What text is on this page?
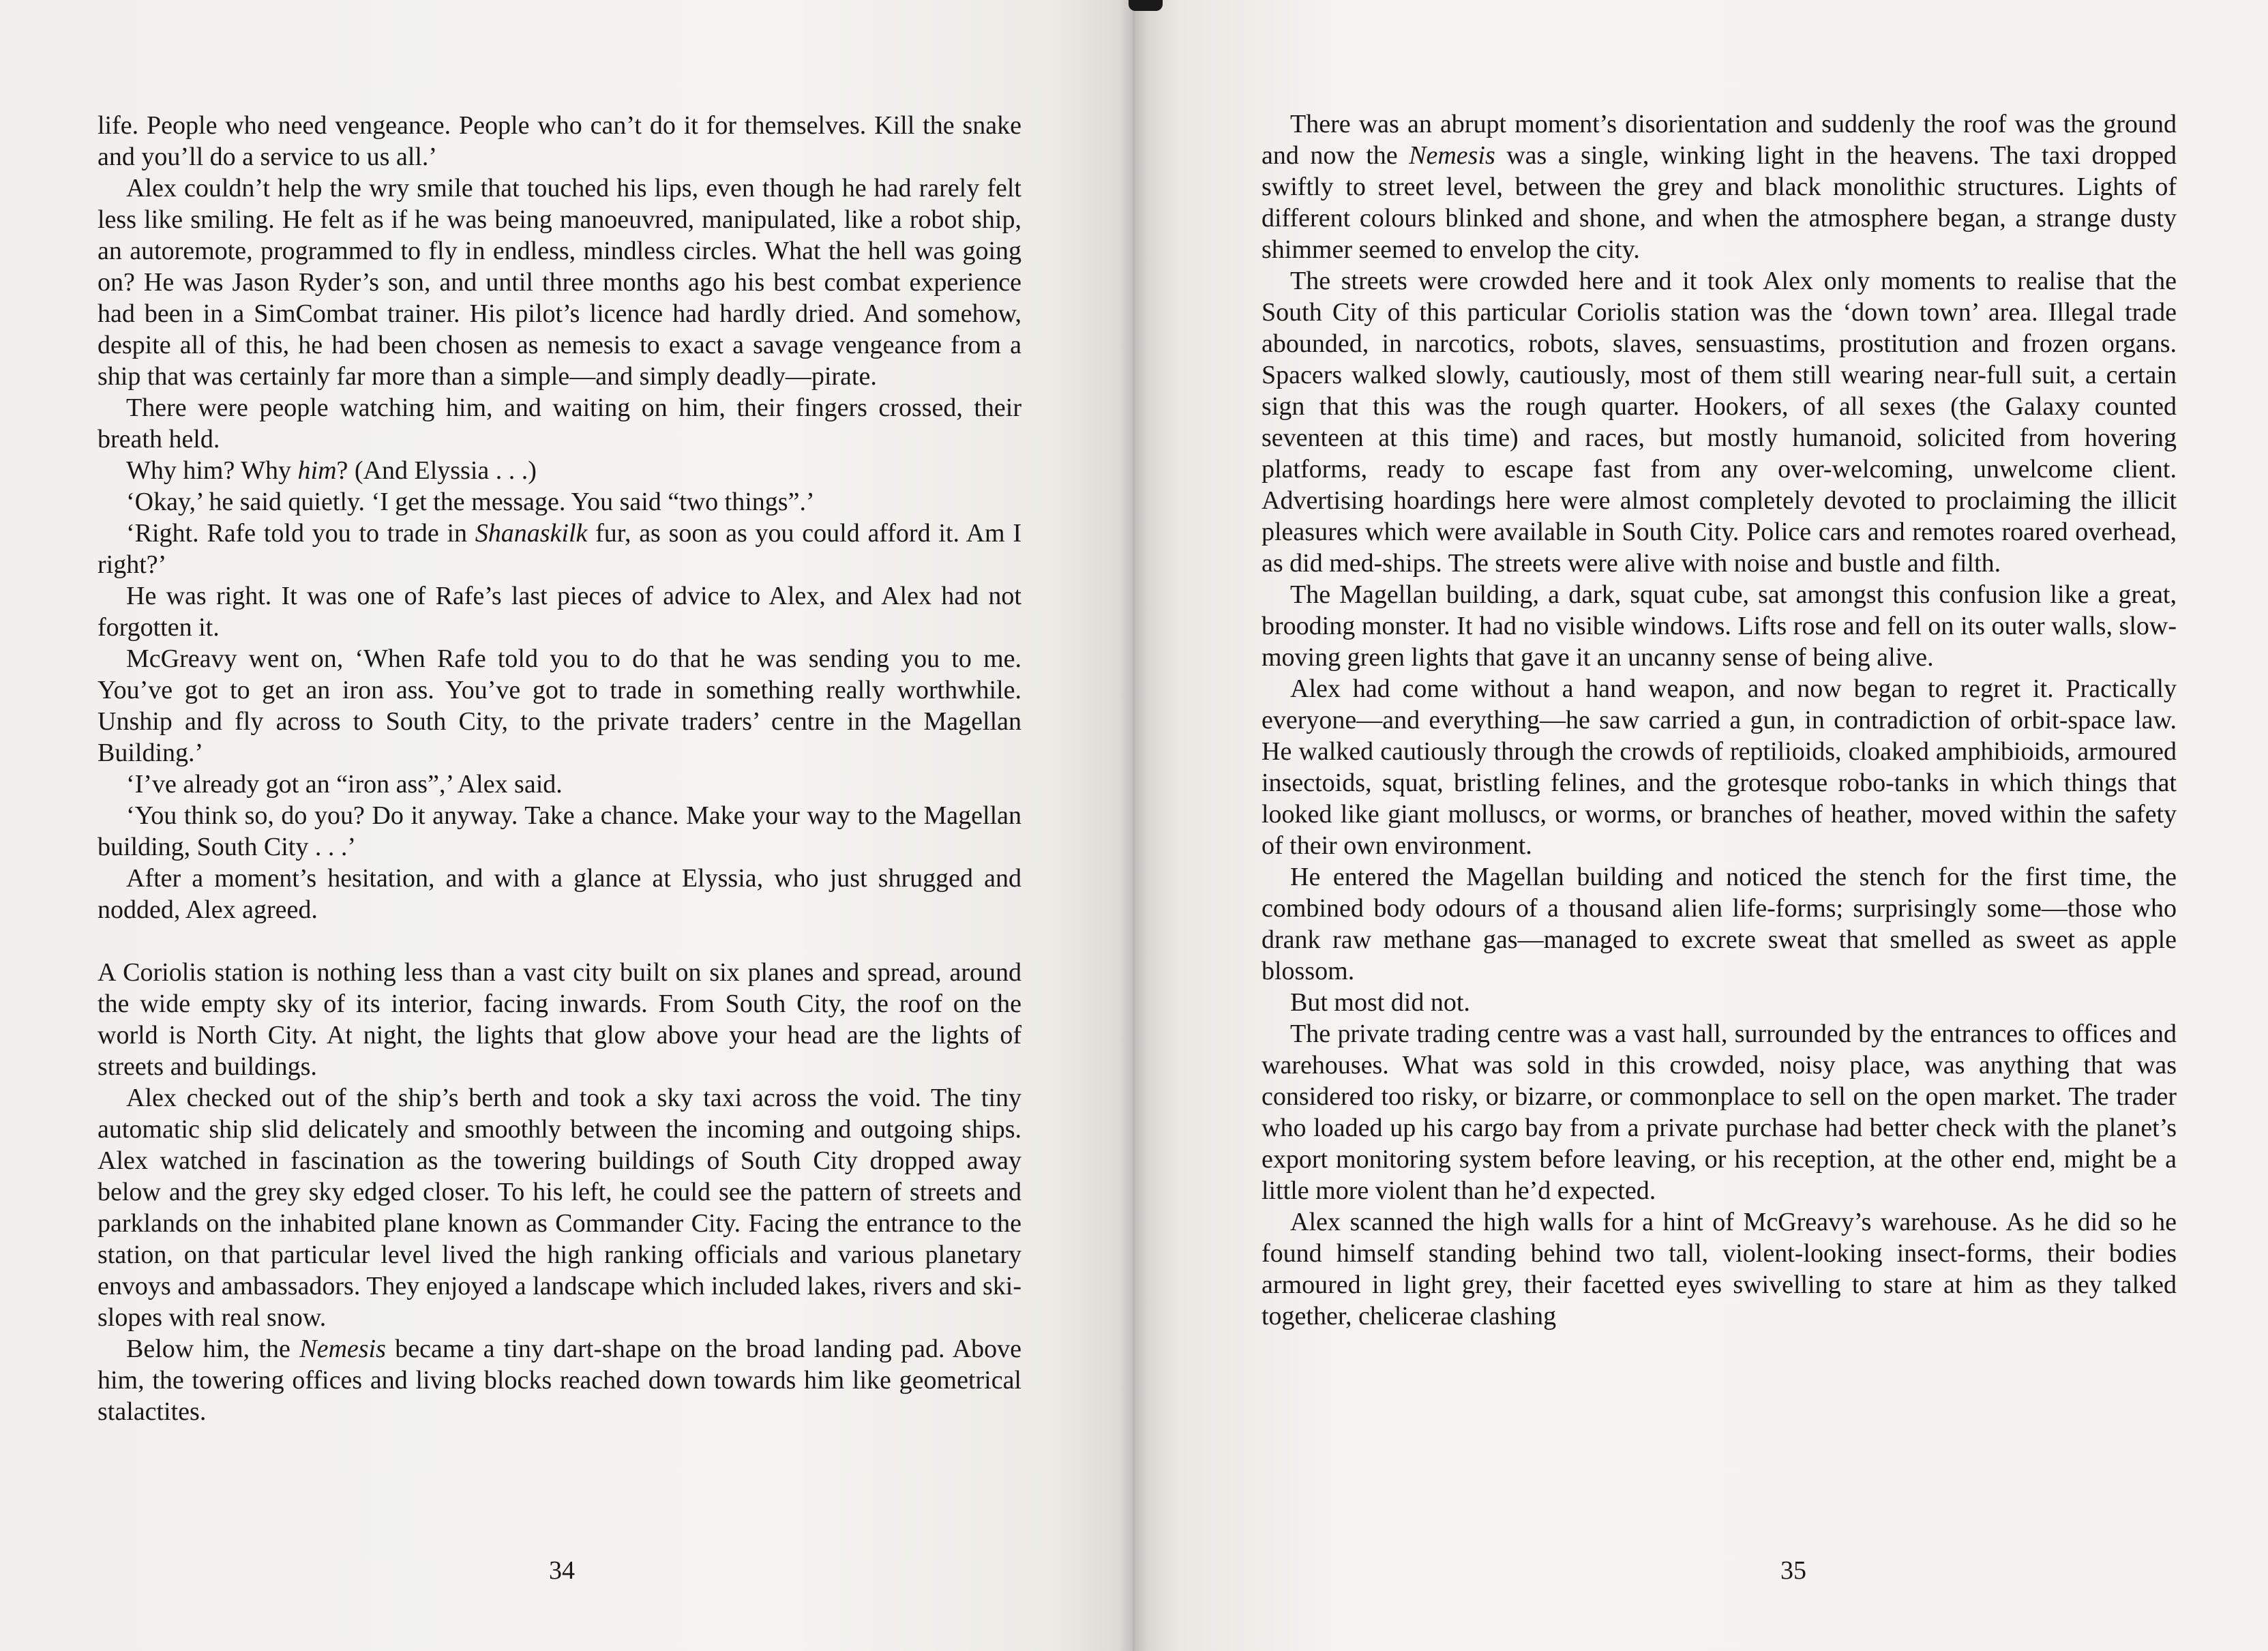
life. People who need vengeance. People who can’t do it for themselves. Kill the snake and you’ll do a service to us all.’

Alex couldn’t help the wry smile that touched his lips, even though he had rarely felt less like smiling. He felt as if he was being manoeuvred, manipulated, like a robot ship, an autoremote, programmed to fly in endless, mindless circles. What the hell was going on? He was Jason Ryder’s son, and until three months ago his best combat experience had been in a SimCombat trainer. His pilot’s licence had hardly dried. And somehow, despite all of this, he had been chosen as nemesis to exact a savage vengeance from a ship that was certainly far more than a simple—and simply deadly—pirate.

There were people watching him, and waiting on him, their fingers crossed, their breath held.

Why him? Why him? (And Elyssia . . .)

‘Okay,’ he said quietly. ‘I get the message. You said “two things”.’

‘Right. Rafe told you to trade in Shanaskilk fur, as soon as you could afford it. Am I right?’

He was right. It was one of Rafe’s last pieces of advice to Alex, and Alex had not forgotten it.

McGreavy went on, ‘When Rafe told you to do that he was sending you to me. You’ve got to get an iron ass. You’ve got to trade in something really worthwhile. Unship and fly across to South City, to the private traders’ centre in the Magellan Building.’

‘I’ve already got an “iron ass”,’ Alex said.

‘You think so, do you? Do it anyway. Take a chance. Make your way to the Magellan building, South City . . .’

After a moment’s hesitation, and with a glance at Elyssia, who just shrugged and nodded, Alex agreed.

A Coriolis station is nothing less than a vast city built on six planes and spread, around the wide empty sky of its interior, facing inwards. From South City, the roof on the world is North City. At night, the lights that glow above your head are the lights of streets and buildings.

Alex checked out of the ship’s berth and took a sky taxi across the void. The tiny automatic ship slid delicately and smoothly between the incoming and outgoing ships. Alex watched in fascination as the towering buildings of South City dropped away below and the grey sky edged closer. To his left, he could see the pattern of streets and parklands on the inhabited plane known as Commander City. Facing the entrance to the station, on that particular level lived the high ranking officials and various planetary envoys and ambassadors. They enjoyed a landscape which included lakes, rivers and ski-slopes with real snow.

Below him, the Nemesis became a tiny dart-shape on the broad landing pad. Above him, the towering offices and living blocks reached down towards him like geometrical stalactites.

34

There was an abrupt moment’s disorientation and suddenly the roof was the ground and now the Nemesis was a single, winking light in the heavens. The taxi dropped swiftly to street level, between the grey and black monolithic structures. Lights of different colours blinked and shone, and when the atmosphere began, a strange dusty shimmer seemed to envelop the city.

The streets were crowded here and it took Alex only moments to realise that the South City of this particular Coriolis station was the ‘down town’ area. Illegal trade abounded, in narcotics, robots, slaves, sensuastims, prostitution and frozen organs. Spacers walked slowly, cautiously, most of them still wearing near-full suit, a certain sign that this was the rough quarter. Hookers, of all sexes (the Galaxy counted seventeen at this time) and races, but mostly humanoid, solicited from hovering platforms, ready to escape fast from any over-welcoming, unwelcome client. Advertising hoardings here were almost completely devoted to proclaiming the illicit pleasures which were available in South City. Police cars and remotes roared overhead, as did med-ships. The streets were alive with noise and bustle and filth.

The Magellan building, a dark, squat cube, sat amongst this confusion like a great, brooding monster. It had no visible windows. Lifts rose and fell on its outer walls, slow-moving green lights that gave it an uncanny sense of being alive.

Alex had come without a hand weapon, and now began to regret it. Practically everyone—and everything—he saw carried a gun, in contradiction of orbit-space law. He walked cautiously through the crowds of reptilioids, cloaked amphibioids, armoured insectoids, squat, bristling felines, and the grotesque robo-tanks in which things that looked like giant molluscs, or worms, or branches of heather, moved within the safety of their own environment.

He entered the Magellan building and noticed the stench for the first time, the combined body odours of a thousand alien life-forms; surprisingly some—those who drank raw methane gas—managed to excrete sweat that smelled as sweet as apple blossom.

But most did not.

The private trading centre was a vast hall, surrounded by the entrances to offices and warehouses. What was sold in this crowded, noisy place, was anything that was considered too risky, or bizarre, or commonplace to sell on the open market. The trader who loaded up his cargo bay from a private purchase had better check with the planet’s export monitoring system before leaving, or his reception, at the other end, might be a little more violent than he’d expected.

Alex scanned the high walls for a hint of McGreavy’s warehouse. As he did so he found himself standing behind two tall, violent-looking insect-forms, their bodies armoured in light grey, their facetted eyes swivelling to stare at him as they talked together, chelicerae clashing

35
